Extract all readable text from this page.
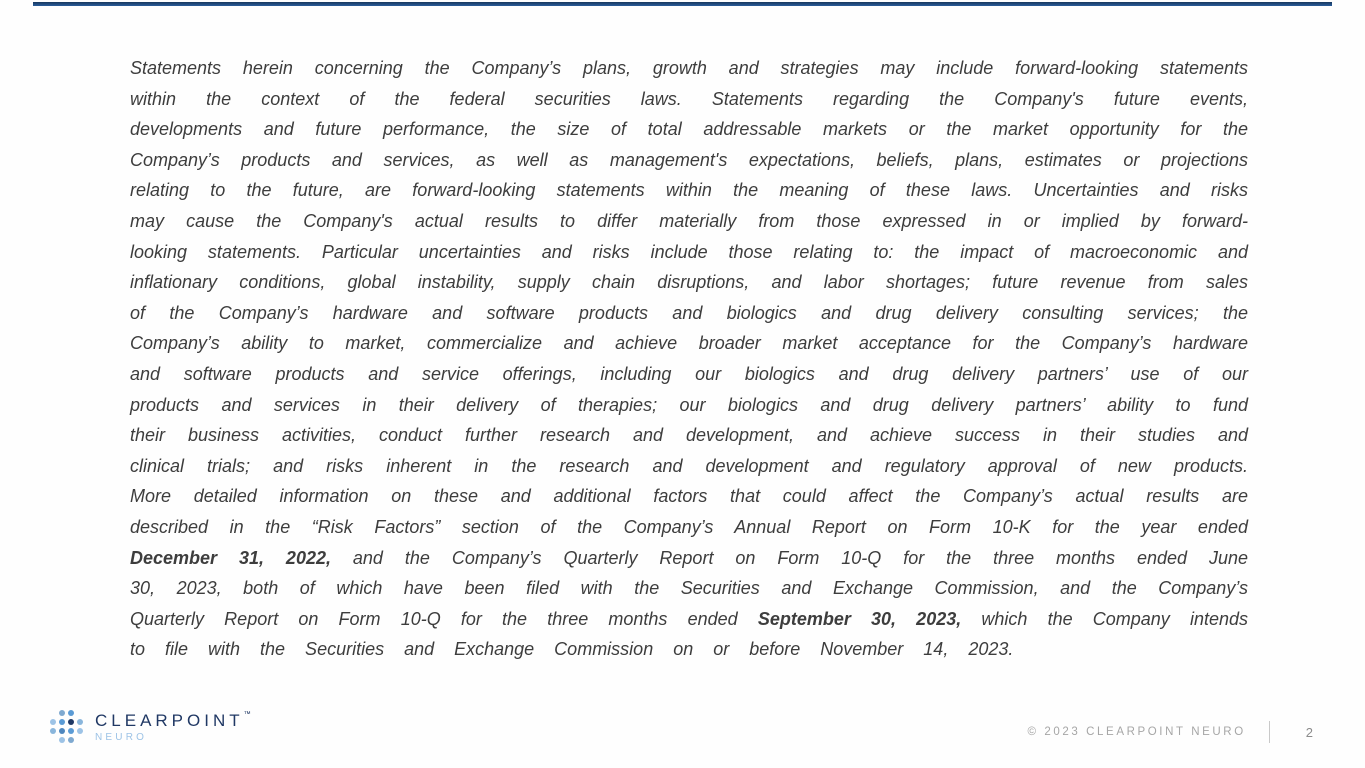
Statements herein concerning the Company’s plans, growth and strategies may include forward-looking statements within the context of the federal securities laws. Statements regarding the Company's future events, developments and future performance, the size of total addressable markets or the market opportunity for the Company’s products and services, as well as management's expectations, beliefs, plans, estimates or projections relating to the future, are forward-looking statements within the meaning of these laws. Uncertainties and risks may cause the Company's actual results to differ materially from those expressed in or implied by forward-looking statements. Particular uncertainties and risks include those relating to: the impact of macroeconomic and inflationary conditions, global instability, supply chain disruptions, and labor shortages; future revenue from sales of the Company’s hardware and software products and biologics and drug delivery consulting services; the Company’s ability to market, commercialize and achieve broader market acceptance for the Company’s hardware and software products and service offerings, including our biologics and drug delivery partners’ use of our products and services in their delivery of therapies; our biologics and drug delivery partners’ ability to fund their business activities, conduct further research and development, and achieve success in their studies and clinical trials; and risks inherent in the research and development and regulatory approval of new products. More detailed information on these and additional factors that could affect the Company’s actual results are described in the “Risk Factors” section of the Company’s Annual Report on Form 10-K for the year ended December 31, 2022, and the Company’s Quarterly Report on Form 10-Q for the three months ended June 30, 2023, both of which have been filed with the Securities and Exchange Commission, and the Company’s Quarterly Report on Form 10-Q for the three months ended September 30, 2023, which the Company intends to file with the Securities and Exchange Commission on or before November 14, 2023.

CLEARPOINT™
NEURO	© 2023 CLEARPOINT NEURO	2
